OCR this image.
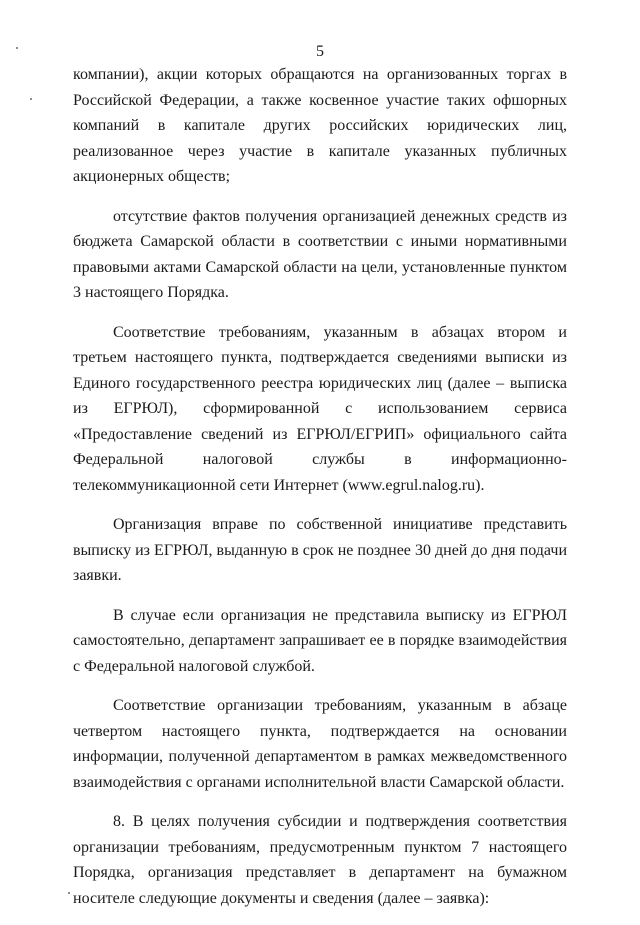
5

компании), акции которых обращаются на организованных торгах в Российской Федерации, а также косвенное участие таких офшорных компаний в капитале других российских юридических лиц, реализованное через участие в капитале указанных публичных акционерных обществ;

отсутствие фактов получения организацией денежных средств из бюджета Самарской области в соответствии с иными нормативными правовыми актами Самарской области на цели, установленные пунктом 3 настоящего Порядка.

Соответствие требованиям, указанным в абзацах втором и третьем настоящего пункта, подтверждается сведениями выписки из Единого государственного реестра юридических лиц (далее – выписка из ЕГРЮЛ), сформированной с использованием сервиса «Предоставление сведений из ЕГРЮЛ/ЕГРИП» официального сайта Федеральной налоговой службы в информационно-телекоммуникационной сети Интернет (www.egrul.nalog.ru).

Организация вправе по собственной инициативе представить выписку из ЕГРЮЛ, выданную в срок не позднее 30 дней до дня подачи заявки.

В случае если организация не представила выписку из ЕГРЮЛ самостоятельно, департамент запрашивает ее в порядке взаимодействия с Федеральной налоговой службой.

Соответствие организации требованиям, указанным в абзаце четвертом настоящего пункта, подтверждается на основании информации, полученной департаментом в рамках межведомственного взаимодействия с органами исполнительной власти Самарской области.

8. В целях получения субсидии и подтверждения соответствия организации требованиям, предусмотренным пунктом 7 настоящего Порядка, организация представляет в департамент на бумажном носителе следующие документы и сведения (далее – заявка):
